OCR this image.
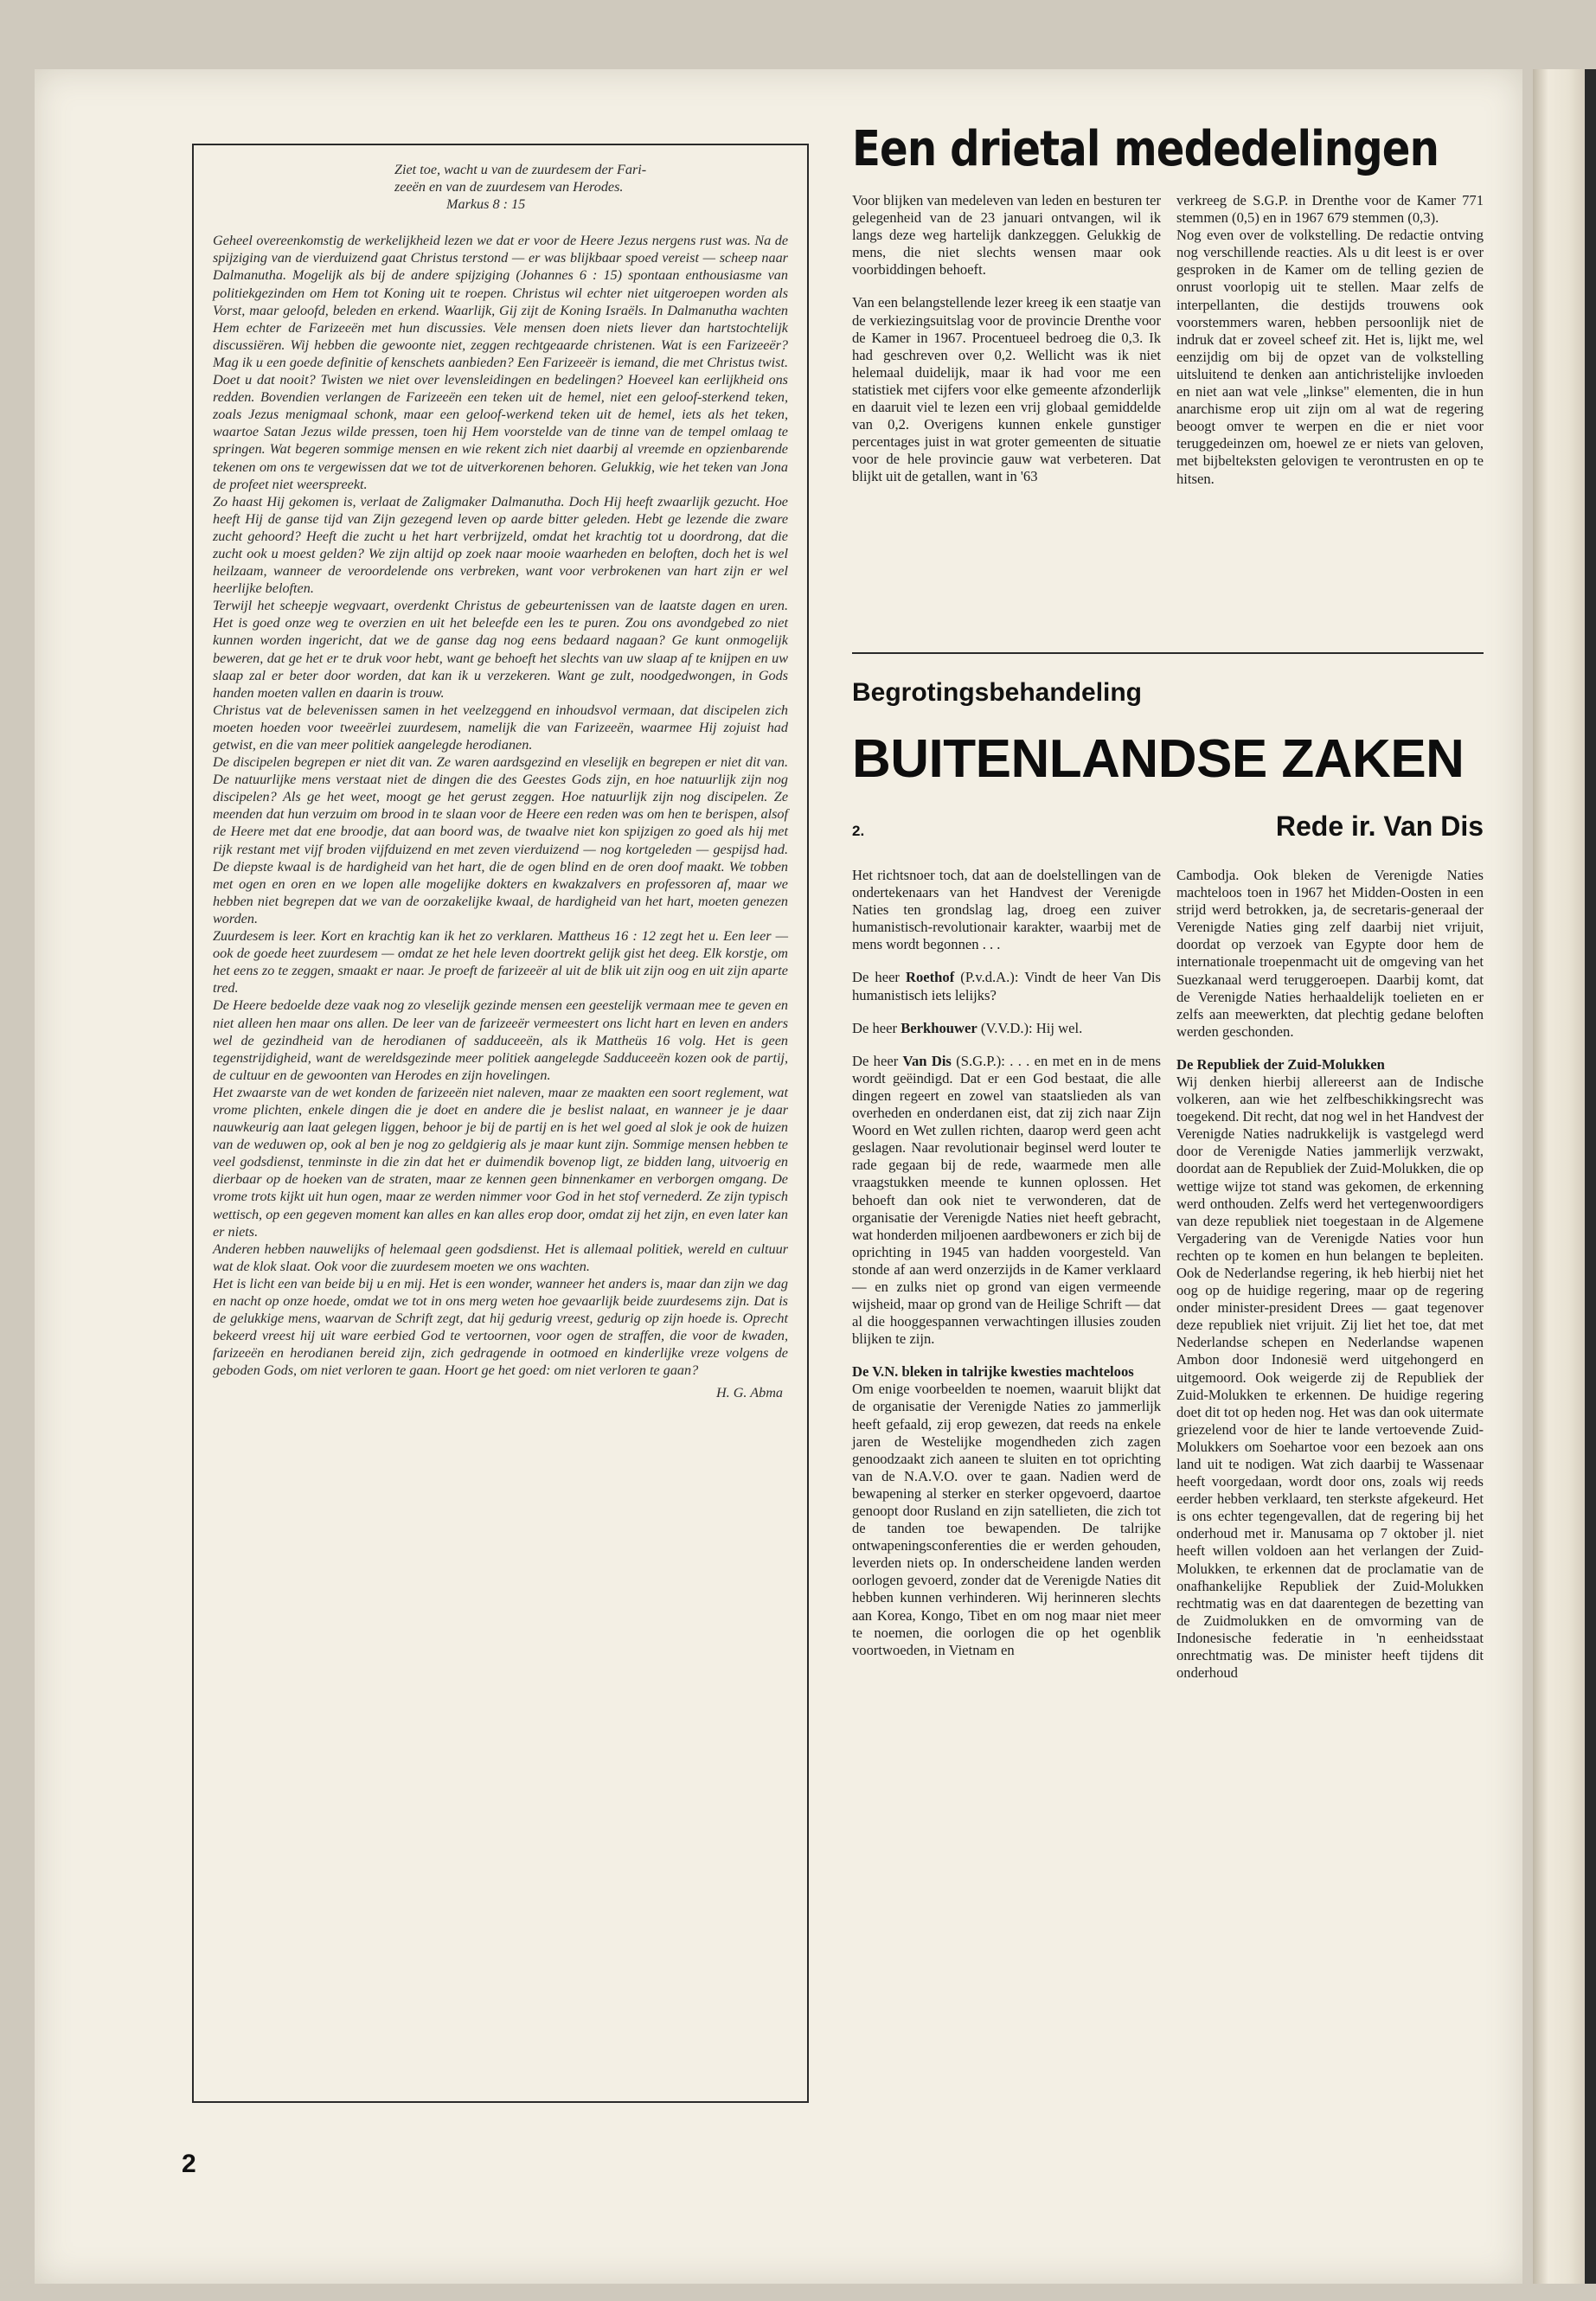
Ziet toe, wacht u van de zuurdesem der Fari-
zeeën en van de zuurdesem van Herodes.
Markus 8 : 15

Geheel overeenkomstig de werkelijkheid lezen we dat er voor de Heere Jezus nergens rust was. Na de spijziging van de vierduizend gaat Christus terstond — er was blijkbaar spoed vereist — scheep naar Dalmanutha. Mogelijk als bij de andere spijziging (Johannes 6 : 15) spontaan enthousiasme van politiekgezinden om Hem tot Koning uit te roepen. Christus wil echter niet uitgeroepen worden als Vorst, maar geloofd, beleden en erkend. Waarlijk, Gij zijt de Koning Israëls. In Dalmanutha wachten Hem echter de Farizeeën met hun discussies. Vele mensen doen niets liever dan hartstochtelijk discussiëren. Wij hebben die gewoonte niet, zeggen rechtgeaarde christenen. Wat is een Farizeeër? Mag ik u een goede definitie of kenschets aanbieden? Een Farizeeër is iemand, die met Christus twist. Doet u dat nooit? Twisten we niet over levensleidingen en bedelingen? Hoeveel kan eerlijkheid ons redden. Bovendien verlangen de Farizeeën een teken uit de hemel, niet een geloof-sterkend teken, zoals Jezus menigmaal schonk, maar een geloof-werkend teken uit de hemel, iets als het teken, waartoe Satan Jezus wilde pressen, toen hij Hem voorstelde van de tinne van de tempel omlaag te springen. Wat begeren sommige mensen en wie rekent zich niet daarbij al vreemde en opzienbarende tekenen om ons te vergewissen dat we tot de uitverkorenen behoren. Gelukkig, wie het teken van Jona de profeet niet weerspreekt.

Zo haast Hij gekomen is, verlaat de Zaligmaker Dalmanutha. Doch Hij heeft zwaarlijk gezucht. Hoe heeft Hij de ganse tijd van Zijn gezegend leven op aarde bitter geleden. Hebt ge lezende die zware zucht gehoord? Heeft die zucht u het hart verbrijzeld, omdat het krachtig tot u doordrong, dat die zucht ook u moest gelden? We zijn altijd op zoek naar mooie waarheden en beloften, doch het is wel heilzaam, wanneer de veroordelende ons verbreken, want voor verbrokenen van hart zijn er wel heerlijke beloften.

Terwijl het scheepje wegvaart, overdenkt Christus de gebeurtenissen van de laatste dagen en uren. Het is goed onze weg te overzien en uit het beleefde een les te puren. Zou ons avondgebed zo niet kunnen worden ingericht, dat we de ganse dag nog eens bedaard nagaan? Ge kunt onmogelijk beweren, dat ge het er te druk voor hebt, want ge behoeft het slechts van uw slaap af te knijpen en uw slaap zal er beter door worden, dat kan ik u verzekeren. Want ge zult, noodgedwongen, in Gods handen moeten vallen en daarin is trouw.

Christus vat de belevenissen samen in het veelzeggend en inhoudsvol vermaan, dat discipelen zich moeten hoeden voor tweeërlei zuurdesem, namelijk die van Farizeeën, waarmee Hij zojuist had getwist, en die van meer politiek aangelegde herodianen.

De discipelen begrepen er niet dit van. Ze waren aardsgezind en vleselijk en begrepen er niet dit van. De natuurlijke mens verstaat niet de dingen die des Geestes Gods zijn, en hoe natuurlijk zijn nog discipelen? Als ge het weet, moogt ge het gerust zeggen. Hoe natuurlijk zijn nog discipelen. Ze meenden dat hun verzuim om brood in te slaan voor de Heere een reden was om hen te berispen, alsof de Heere met dat ene broodje, dat aan boord was, de twaalve niet kon spijzigen zo goed als hij met rijk restant met vijf broden vijfduizend en met zeven vierduizend — nog kortgeleden — gespijsd had. De diepste kwaal is de hardigheid van het hart, die de ogen blind en de oren doof maakt. We tobben met ogen en oren en we lopen alle mogelijke dokters en kwakzalvers en professoren af, maar we hebben niet begrepen dat we van de oorzakelijke kwaal, de hardigheid van het hart, moeten genezen worden.

Zuurdesem is leer. Kort en krachtig kan ik het zo verklaren. Mattheus 16 : 12 zegt het u. Een leer — ook de goede heet zuurdesem — omdat ze het hele leven doortrekt gelijk gist het deeg. Elk korstje, om het eens zo te zeggen, smaakt er naar. Je proeft de farizeeër al uit de blik uit zijn oog en uit zijn aparte tred.

De Heere bedoelde deze vaak nog zo vleselijk gezinde mensen een geestelijk vermaan mee te geven en niet alleen hen maar ons allen. De leer van de farizeeër vermeestert ons licht hart en leven en anders wel de gezindheid van de herodianen of sadduceeën, als ik Mattheüs 16 volg. Het is geen tegenstrijdigheid, want de wereldsgezinde meer politiek aangelegde Sadduceeën kozen ook de partij, de cultuur en de gewoonten van Herodes en zijn hovelingen.

Het zwaarste van de wet konden de farizeeën niet naleven, maar ze maakten een soort reglement, wat vrome plichten, enkele dingen die je doet en andere die je beslist nalaat, en wanneer je je daar nauwkeurig aan laat gelegen liggen, behoor je bij de partij en is het wel goed al slok je ook de huizen van de weduwen op, ook al ben je nog zo geldgierig als je maar kunt zijn. Sommige mensen hebben te veel godsdienst, tenminste in die zin dat het er duimendik bovenop ligt, ze bidden lang, uitvoerig en dierbaar op de hoeken van de straten, maar ze kennen geen binnenkamer en verborgen omgang. De vrome trots kijkt uit hun ogen, maar ze werden nimmer voor God in het stof vernederd. Ze zijn typisch wettisch, op een gegeven moment kan alles en kan alles erop door, omdat zij het zijn, en even later kan er niets.

Anderen hebben nauwelijks of helemaal geen godsdienst. Het is allemaal politiek, wereld en cultuur wat de klok slaat. Ook voor die zuurdesem moeten we ons wachten.

Het is licht een van beide bij u en mij. Het is een wonder, wanneer het anders is, maar dan zijn we dag en nacht op onze hoede, omdat we tot in ons merg weten hoe gevaarlijk beide zuurdesems zijn. Dat is de gelukkige mens, waarvan de Schrift zegt, dat hij gedurig vreest, gedurig op zijn hoede is. Oprecht bekeerd vreest hij uit ware eerbied God te vertoornen, voor ogen de straffen, die voor de kwaden, farizeeën en herodianen bereid zijn, zich gedragende in ootmoed en kinderlijke vreze volgens de geboden Gods, om niet verloren te gaan. Hoort ge het goed: om niet verloren te gaan?

H. G. Abma
2
Een drietal mededelingen

Voor blijken van medeleven van leden en besturen ter gelegenheid van de 23 januari ontvangen, wil ik langs deze weg hartelijk dankzeggen. Gelukkig de mens, die niet slechts wensen maar ook voorbiddingen behoeft.

Van een belangstellende lezer kreeg ik een staatje van de verkiezingsuitslag voor de provincie Drenthe voor de Kamer in 1967. Procentueel bedroeg die 0,3. Ik had geschreven over 0,2. Wellicht was ik niet helemaal duidelijk, maar ik had voor me een statistiek met cijfers voor elke gemeente afzonderlijk en daaruit viel te lezen een vrij globaal gemiddelde van 0,2. Overigens kunnen enkele gunstiger percentages juist in wat groter gemeenten de situatie voor de hele provincie gauw wat verbeteren. Dat blijkt uit de getallen, want in '63

verkreeg de S.G.P. in Drenthe voor de Kamer 771 stemmen (0,5) en in 1967 679 stemmen (0,3).

Nog even over de volkstelling. De redactie ontving nog verschillende reacties. Als u dit leest is er over gesproken in de Kamer om de telling gezien de onrust voorlopig uit te stellen. Maar zelfs de interpellanten, die destijds trouwens ook voorstemmers waren, hebben persoonlijk niet de indruk dat er zoveel scheef zit. Het is, lijkt me, wel eenzijdig om bij de opzet van de volkstelling uitsluitend te denken aan antichristelijke invloeden en niet aan wat vele „linkse" elementen, die in hun anarchisme erop uit zijn om al wat de regering beoogt omver te werpen en die er niet voor teruggedeinzen om, hoewel ze er niets van geloven, met bijbelteksten gelovigen te verontrusten en op te hitsen.

Begrotingsbehandeling
BUITENLANDSE ZAKEN
2.	Rede ir. Van Dis

Het richtsnoer toch, dat aan de doelstellingen van de ondertekenaars van het Handvest der Verenigde Naties ten grondslag lag, droeg een zuiver humanistisch-revolutionair karakter, waarbij met de mens wordt begonnen . . .

De heer Roethof (P.v.d.A.): Vindt de heer Van Dis humanistisch iets lelijks?

De heer Berkhouwer (V.V.D.): Hij wel.

De heer Van Dis (S.G.P.): . . . en met en in de mens wordt geëindigd. Dat er een God bestaat, die alle dingen regeert en zowel van staatslieden als van overheden en onderdanen eist, dat zij zich naar Zijn Woord en Wet zullen richten, daarop werd geen acht geslagen. Naar revolutionair beginsel werd louter te rade gegaan bij de rede, waarmede men alle vraagstukken meende te kunnen oplossen. Het behoeft dan ook niet te verwonderen, dat de organisatie der Verenigde Naties niet heeft gebracht, wat honderden miljoenen aardbewoners er zich bij de oprichting in 1945 van hadden voorgesteld. Van stonde af aan werd onzerzijds in de Kamer verklaard — en zulks niet op grond van eigen vermeende wijsheid, maar op grond van de Heilige Schrift — dat al die hooggespannen verwachtingen illusies zouden blijken te zijn.

De V.N. bleken in talrijke kwesties machteloos

Om enige voorbeelden te noemen, waaruit blijkt dat de organisatie der Verenigde Naties zo jammerlijk heeft gefaald, zij erop gewezen, dat reeds na enkele jaren de Westelijke mogendheden zich zagen genoodzaakt zich aaneen te sluiten en tot oprichting van de N.A.V.O. over te gaan. Nadien werd de bewapening al sterker en sterker opgevoerd, daartoe genoopt door Rusland en zijn satellieten, die zich tot de tanden toe bewapenden. De talrijke ontwapeningsconferenties die er werden gehouden, leverden niets op. In onderscheidene landen werden oorlogen gevoerd, zonder dat de Verenigde Naties dit hebben kunnen verhinderen. Wij herinneren slechts aan Korea, Kongo, Tibet en om nog maar niet meer te noemen, die oorlogen die op het ogenblik voortwoeden, in Vietnam en

Cambodja. Ook bleken de Verenigde Naties machteloos toen in 1967 het Midden-Oosten in een strijd werd betrokken, ja, de secretaris-generaal der Verenigde Naties ging zelf daarbij niet vrijuit, doordat op verzoek van Egypte door hem de internationale troepenmacht uit de omgeving van het Suezkanaal werd teruggeroepen. Daarbij komt, dat de Verenigde Naties herhaaldelijk toelieten en er zelfs aan meewerkten, dat plechtig gedane beloften werden geschonden.

De Republiek der Zuid-Molukken

Wij denken hierbij allereerst aan de Indische volkeren, aan wie het zelfbeschikkingsrecht was toegekend. Dit recht, dat nog wel in het Handvest der Verenigde Naties nadrukkelijk is vastgelegd werd door de Verenigde Naties jammerlijk verzwakt, doordat aan de Republiek der Zuid-Molukken, die op wettige wijze tot stand was gekomen, de erkenning werd onthouden. Zelfs werd het vertegenwoordigers van deze republiek niet toegestaan in de Algemene Vergadering van de Verenigde Naties voor hun rechten op te komen en hun belangen te bepleiten. Ook de Nederlandse regering, ik heb hierbij niet het oog op de huidige regering, maar op de regering onder minister-president Drees — gaat tegenover deze republiek niet vrijuit. Zij liet het toe, dat met Nederlandse schepen en Nederlandse wapenen Ambon door Indonesië werd uitgehongerd en uitgemoord. Ook weigerde zij de Republiek der Zuid-Molukken te erkennen. De huidige regering doet dit tot op heden nog. Het was dan ook uitermate griezelend voor de hier te lande vertoevende Zuid-Molukkers om Soehartoe voor een bezoek aan ons land uit te nodigen. Wat zich daarbij te Wassenaar heeft voorgedaan, wordt door ons, zoals wij reeds eerder hebben verklaard, ten sterkste afgekeurd. Het is ons echter tegengevallen, dat de regering bij het onderhoud met ir. Manusama op 7 oktober jl. niet heeft willen voldoen aan het verlangen der Zuid-Molukken, te erkennen dat de proclamatie van de onafhankelijke Republiek der Zuid-Molukken rechtmatig was en dat daarentegen de bezetting van de Zuidmolukken en de omvorming van de Indonesische federatie in 'n eenheidsstaat onrechtmatig was. De minister heeft tijdens dit onderhoud
